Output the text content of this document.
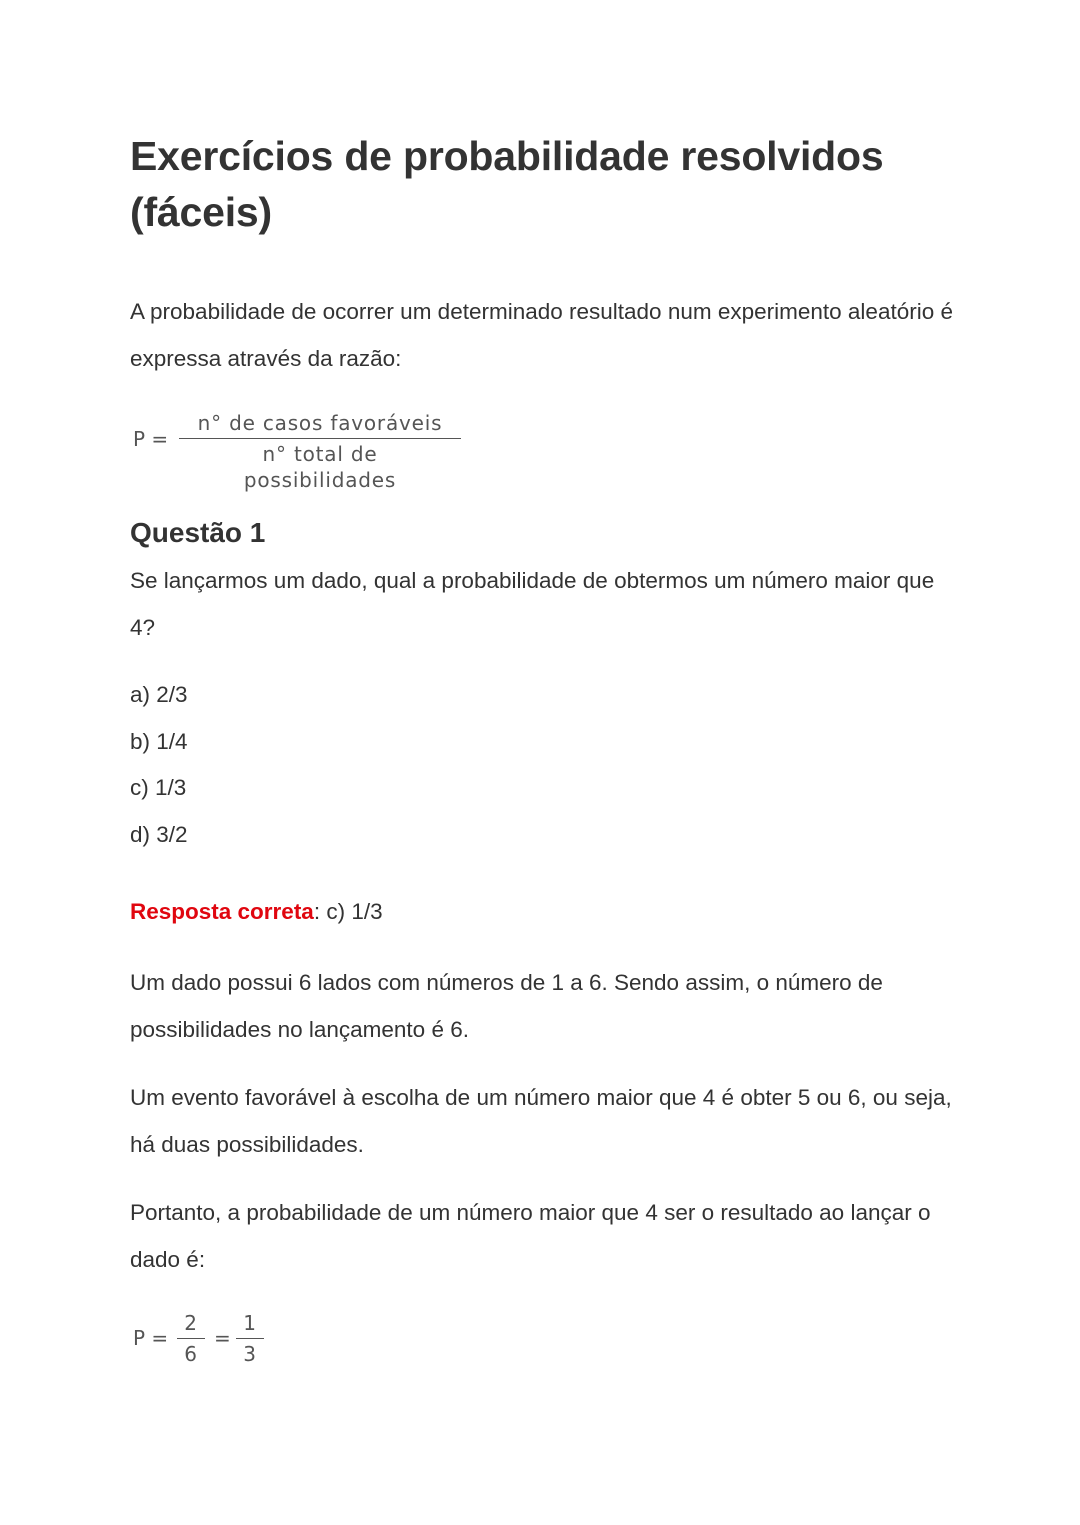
Exercícios de probabilidade resolvidos (fáceis)

A probabilidade de ocorrer um determinado resultado num experimento aleatório é expressa através da razão:

P =
n° de casos favoráveis
n° total de possibilidades
Questão 1

Se lançarmos um dado, qual a probabilidade de obtermos um número maior que 4?

a) 2/3
b) 1/4
c) 1/3
d) 3/2
Resposta correta: c) 1/3

Um dado possui 6 lados com números de 1 a 6. Sendo assim, o número de possibilidades no lançamento é 6.

Um evento favorável à escolha de um número maior que 4 é obter 5 ou 6, ou seja, há duas possibilidades.

Portanto, a probabilidade de um número maior que 4 ser o resultado ao lançar o dado é:

$P = \frac{2}{6} = \frac{1}{3}$
